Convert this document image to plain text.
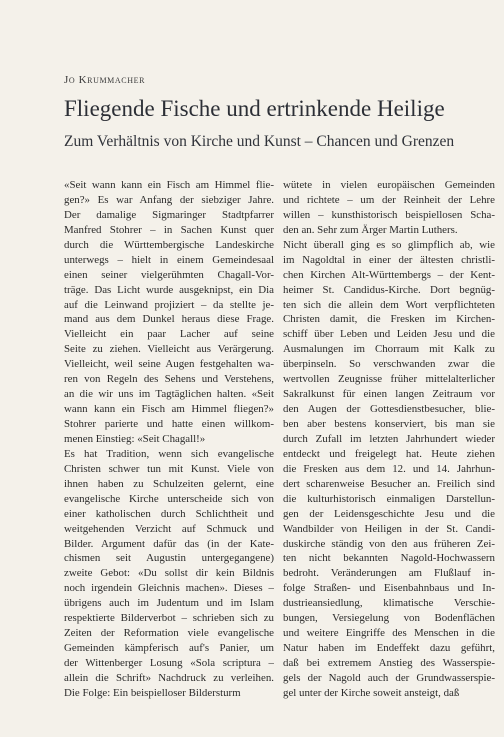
Jo Krummacher
Fliegende Fische und ertrinkende Heilige
Zum Verhältnis von Kirche und Kunst – Chancen und Grenzen
«Seit wann kann ein Fisch am Himmel flie-
gen?» Es war Anfang der siebziger Jahre.
Der damalige Sigmaringer Stadtpfarrer
Manfred Stohrer – in Sachen Kunst quer
durch die Württembergische Landeskirche
unterwegs – hielt in einem Gemeindesaal
einen seiner vielgerühmten Chagall-Vor-
träge. Das Licht wurde ausgeknipst, ein Dia
auf die Leinwand projiziert – da stellte je-
mand aus dem Dunkel heraus diese Frage.
Vielleicht ein paar Lacher auf seine
Seite zu ziehen. Vielleicht aus Verärgerung.
Vielleicht, weil seine Augen festgehalten wa-
ren von Regeln des Sehens und Verstehens,
an die wir uns im Tagtäglichen halten. «Seit
wann kann ein Fisch am Himmel fliegen?»
Stohrer parierte und hatte einen willkom-
menen Einstieg: «Seit Chagall!»
Es hat Tradition, wenn sich evangelische
Christen schwer tun mit Kunst. Viele von
ihnen haben zu Schulzeiten gelernt, eine
evangelische Kirche unterscheide sich von
einer katholischen durch Schlichtheit und
weitgehenden Verzicht auf Schmuck und
Bilder. Argument dafür das (in der Kate-
chismen seit Augustin untergegangene)
zweite Gebot: «Du sollst dir kein Bildnis
noch irgendein Gleichnis machen». Dieses –
übrigens auch im Judentum und im Islam
respektierte Bilderverbot – schrieben sich zu
Zeiten der Reformation viele evangelische
Gemeinden kämpferisch auf's Panier, um
der Wittenberger Losung «Sola scriptura –
allein die Schrift» Nachdruck zu verleihen.
Die Folge: Ein beispielloser Bildersturm
wütete in vielen europäischen Gemeinden
und richtete – um der Reinheit der Lehre
willen – kunsthistorisch beispiellosen Scha-
den an. Sehr zum Ärger Martin Luthers.
Nicht überall ging es so glimpflich ab, wie
im Nagoldtal in einer der ältesten christli-
chen Kirchen Alt-Württembergs – der Kent-
heimer St. Candidus-Kirche. Dort begnüg-
ten sich die allein dem Wort verpflichteten
Christen damit, die Fresken im Kirchen-
schiff über Leben und Leiden Jesu und die
Ausmalungen im Chorraum mit Kalk zu
überpinseln. So verschwanden zwar die
wertvollen Zeugnisse früher mittelalterlicher
Sakralkunst für einen langen Zeitraum vor
den Augen der Gottesdienstbesucher, blie-
ben aber bestens konserviert, bis man sie
durch Zufall im letzten Jahrhundert wieder
entdeckt und freigelegt hat. Heute ziehen
die Fresken aus dem 12. und 14. Jahrhun-
dert scharenweise Besucher an. Freilich sind
die kulturhistorisch einmaligen Darstellun-
gen der Leidensgeschichte Jesu und die
Wandbilder von Heiligen in der St. Candi-
duskirche ständig von den aus früheren Zei-
ten nicht bekannten Nagold-Hochwassern
bedroht. Veränderungen am Flußlauf in-
folge Straßen- und Eisenbahnbaus und In-
dustrieansiedlung, klimatische Verschie-
bungen, Versiegelung von Bodenflächen
und weitere Eingriffe des Menschen in die
Natur haben im Endeffekt dazu geführt,
daß bei extremem Anstieg des Wasserspie-
gels der Nagold auch der Grundwasserspie-
gel unter der Kirche soweit ansteigt, daß
